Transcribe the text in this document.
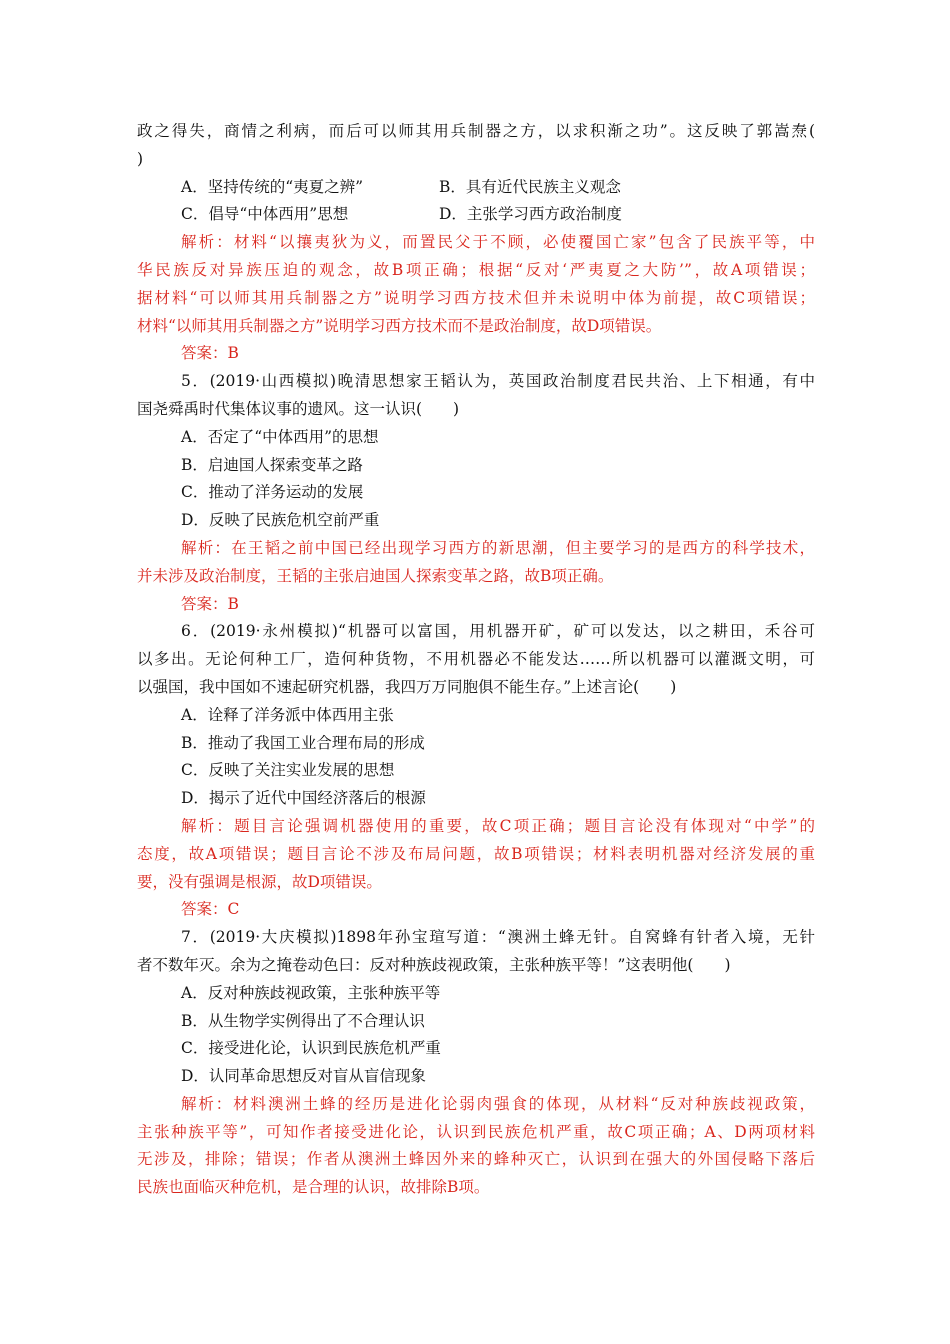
政之得失，商情之利病，而后可以师其用兵制器之方，以求积渐之功”。这反映了郭嵩焘(
)
A．坚持传统的“夷夏之辨”	B．具有近代民族主义观念
C．倡导“中体西用”思想	D．主张学习西方政治制度
解析：材料“以攘夷狄为义，而置民父于不顾，必使覆国亡家”包含了民族平等，中
华民族反对异族压迫的观念，故B项正确；根据“反对‘严夷夏之大防’”，故A项错误；
据材料“可以师其用兵制器之方”说明学习西方技术但并未说明中体为前提，故C项错误；
材料“以师其用兵制器之方”说明学习西方技术而不是政治制度，故D项错误。
答案：B
5．(2019·山西模拟)晚清思想家王韬认为，英国政治制度君民共治、上下相通，有中
国尧舜禹时代集体议事的遗风。这一认识(　　)
A．否定了“中体西用”的思想
B．启迪国人探索变革之路
C．推动了洋务运动的发展
D．反映了民族危机空前严重
解析：在王韬之前中国已经出现学习西方的新思潮，但主要学习的是西方的科学技术，
并未涉及政治制度，王韬的主张启迪国人探索变革之路，故B项正确。
答案：B
6．(2019·永州模拟)“机器可以富国，用机器开矿，矿可以发达，以之耕田，禾谷可
以多出。无论何种工厂，造何种货物，不用机器必不能发达……所以机器可以灌溉文明，可
以强国，我中国如不速起研究机器，我四万万同胞俱不能生存。”上述言论(　　)
A．诠释了洋务派中体西用主张
B．推动了我国工业合理布局的形成
C．反映了关注实业发展的思想
D．揭示了近代中国经济落后的根源
解析：题目言论强调机器使用的重要，故C项正确；题目言论没有体现对“中学”的
态度，故A项错误；题目言论不涉及布局问题，故B项错误；材料表明机器对经济发展的重
要，没有强调是根源，故D项错误。
答案：C
7．(2019·大庆模拟)1898年孙宝瑄写道：“澳洲土蜂无针。自窝蜂有针者入境，无针
者不数年灭。余为之掩卷动色曰：反对种族歧视政策，主张种族平等！”这表明他(　　)
A．反对种族歧视政策，主张种族平等
B．从生物学实例得出了不合理认识
C．接受进化论，认识到民族危机严重
D．认同革命思想反对盲从盲信现象
解析：材料澳洲土蜂的经历是进化论弱肉强食的体现，从材料“反对种族歧视政策，
主张种族平等”，可知作者接受进化论，认识到民族危机严重，故C项正确；A、D两项材料
无涉及，排除；错误；作者从澳洲土蜂因外来的蜂种灭亡，认识到在强大的外国侵略下落后
民族也面临灭种危机，是合理的认识，故排除B项。
